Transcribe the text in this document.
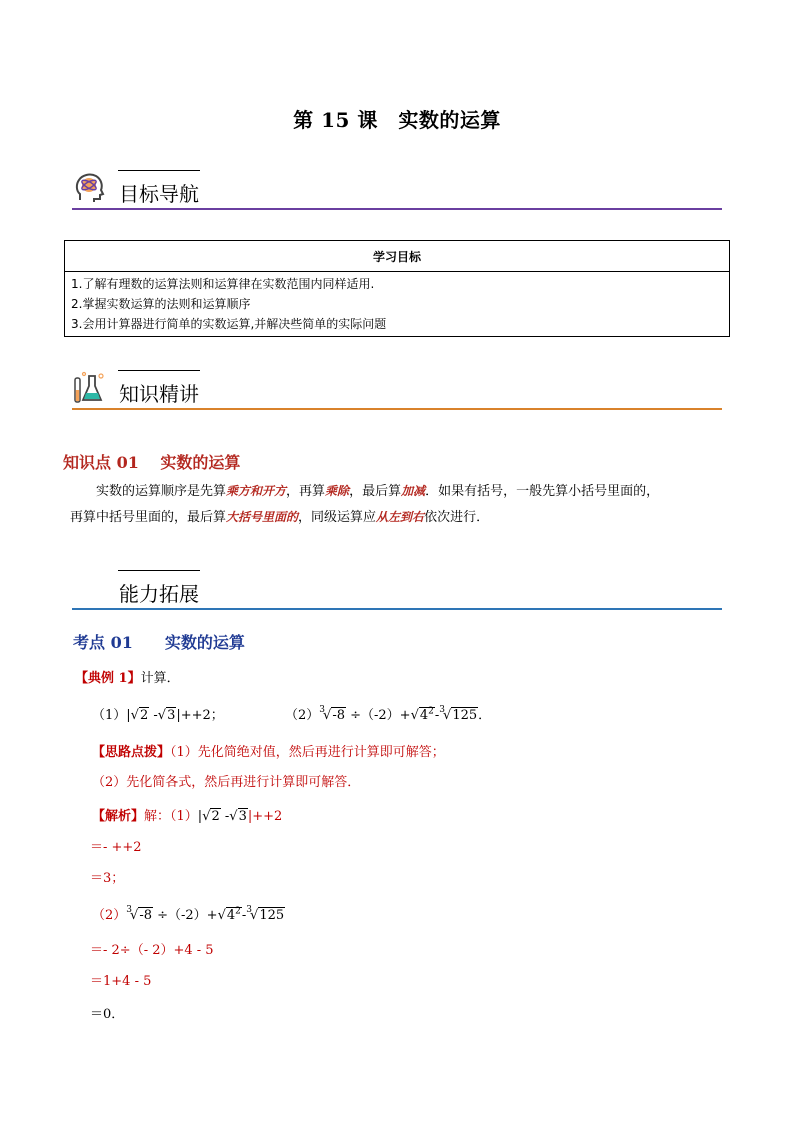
第 15 课　实数的运算
目标导航
学习目标

1.了解有理数的运算法则和运算律在实数范围内同样适用.
2.掌握实数运算的法则和运算顺序
3.会用计算器进行简单的实数运算,并解决些简单的实际问题
知识精讲
知识点 01　 实数的运算
实数的运算顺序是先算乘方和开方，再算乘除，最后算加减．如果有括号，一般先算小括号里面的，
再算中括号里面的，最后算大括号里面的，同级运算应从左到右依次进行．
能力拓展
考点 01　　实数的运算
【典例 1】计算．
（1）|√2 -√3|++2；	$(2)^3√-8 \div(-2)+√4^2-^3√125$．
【思路点拨】（1）先化简绝对值，然后再进行计算即可解答；
（2）先化简各式，然后再进行计算即可解答．
【解析】解：（1）|√2 -√3|++2
＝- ++2
＝3；
$(2)^3√-8 \div(-2)+√4^2-^3√125$
＝- 2÷（- 2）+4 - 5
＝1+4 - 5
＝0．
